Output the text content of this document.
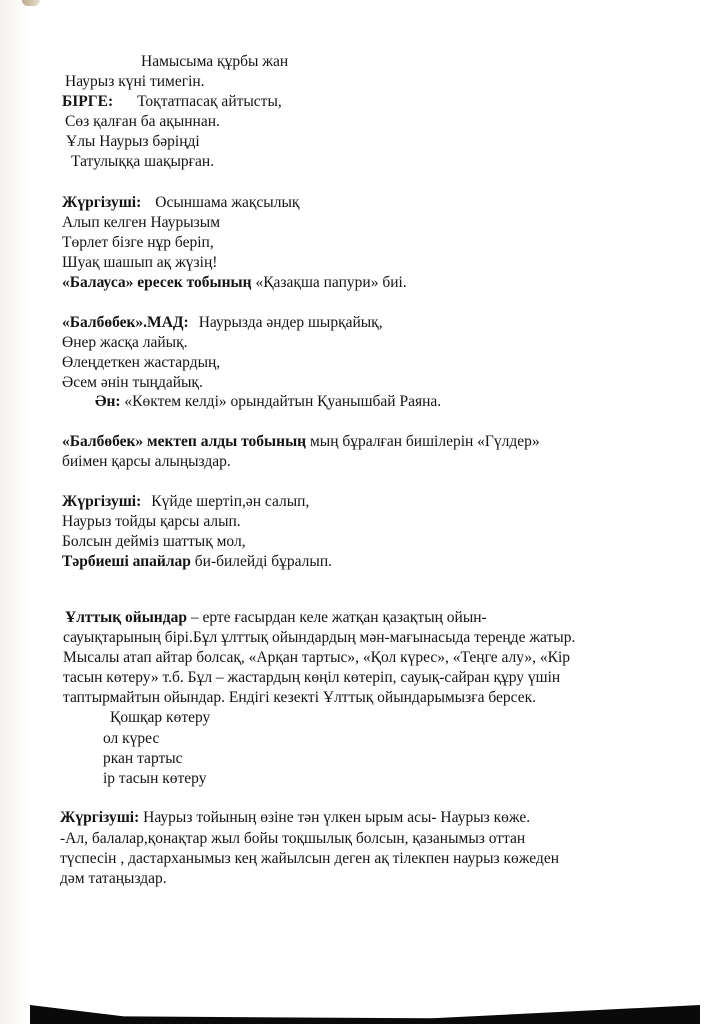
Намысыма құрбы жан
Наурыз күні тимегін.
БІРГЕ: Тоқтатпасақ айтысты,
Сөз қалған ба ақыннан.
Ұлы Наурыз бәріңді
Татулыққа шақырған.
Жүргізуші: Осыншама жақсылық
Алып келген Наурызым
Төрлет бізге нұр беріп,
Шуақ шашып ақ жүзің!
«Балауса» ересек тобының «Қазақша папури» биі.
«Балбөбек».МАД: Наурызда әндер шырқайық,
Өнер жасқа лайық.
Өлеңдеткен жастардың,
Әсем әнін тыңдайық.
Ән: «Көктем келді» орындайтын Қуанышбай Раяна.
«Балбөбек» мектеп алды тобының мың бұралған бишілерін «Гүлдер»
биімен қарсы алыңыздар.
Жүргізуші: Күйде шертіп,ән салып,
Наурыз тойды қарсы алып.
Болсын дейміз шаттық мол,
Тәрбиеші апайлар би-билейді бұралып.
Ұлттық ойындар – ерте ғасырдан келе жатқан қазақтың ойын-
сауықтарының бірі.Бұл ұлттық ойындардың мән-мағынасыда тереңде жатыр.
Мысалы атап айтар болсақ, «Арқан тартыс», «Қол күрес», «Теңге алу», «Кір
тасын көтеру» т.б. Бұл – жастардың көңіл көтеріп, сауық-сайран құру үшін
таптырмайтын ойындар. Ендігі кезекті Ұлттық ойындарымызға берсек.
Қошқар көтеру
ол күрес
ркан тартыс
ір тасын көтеру
Жүргізуші: Наурыз тойының өзіне тән үлкен ырым асы- Наурыз көже.
-Ал, балалар,қонақтар жыл бойы тоқшылық болсын, қазанымыз оттан
түспесін , дастарханымыз кең жайылсын деген ақ тілекпен наурыз көжеден
дәм татаңыздар.
